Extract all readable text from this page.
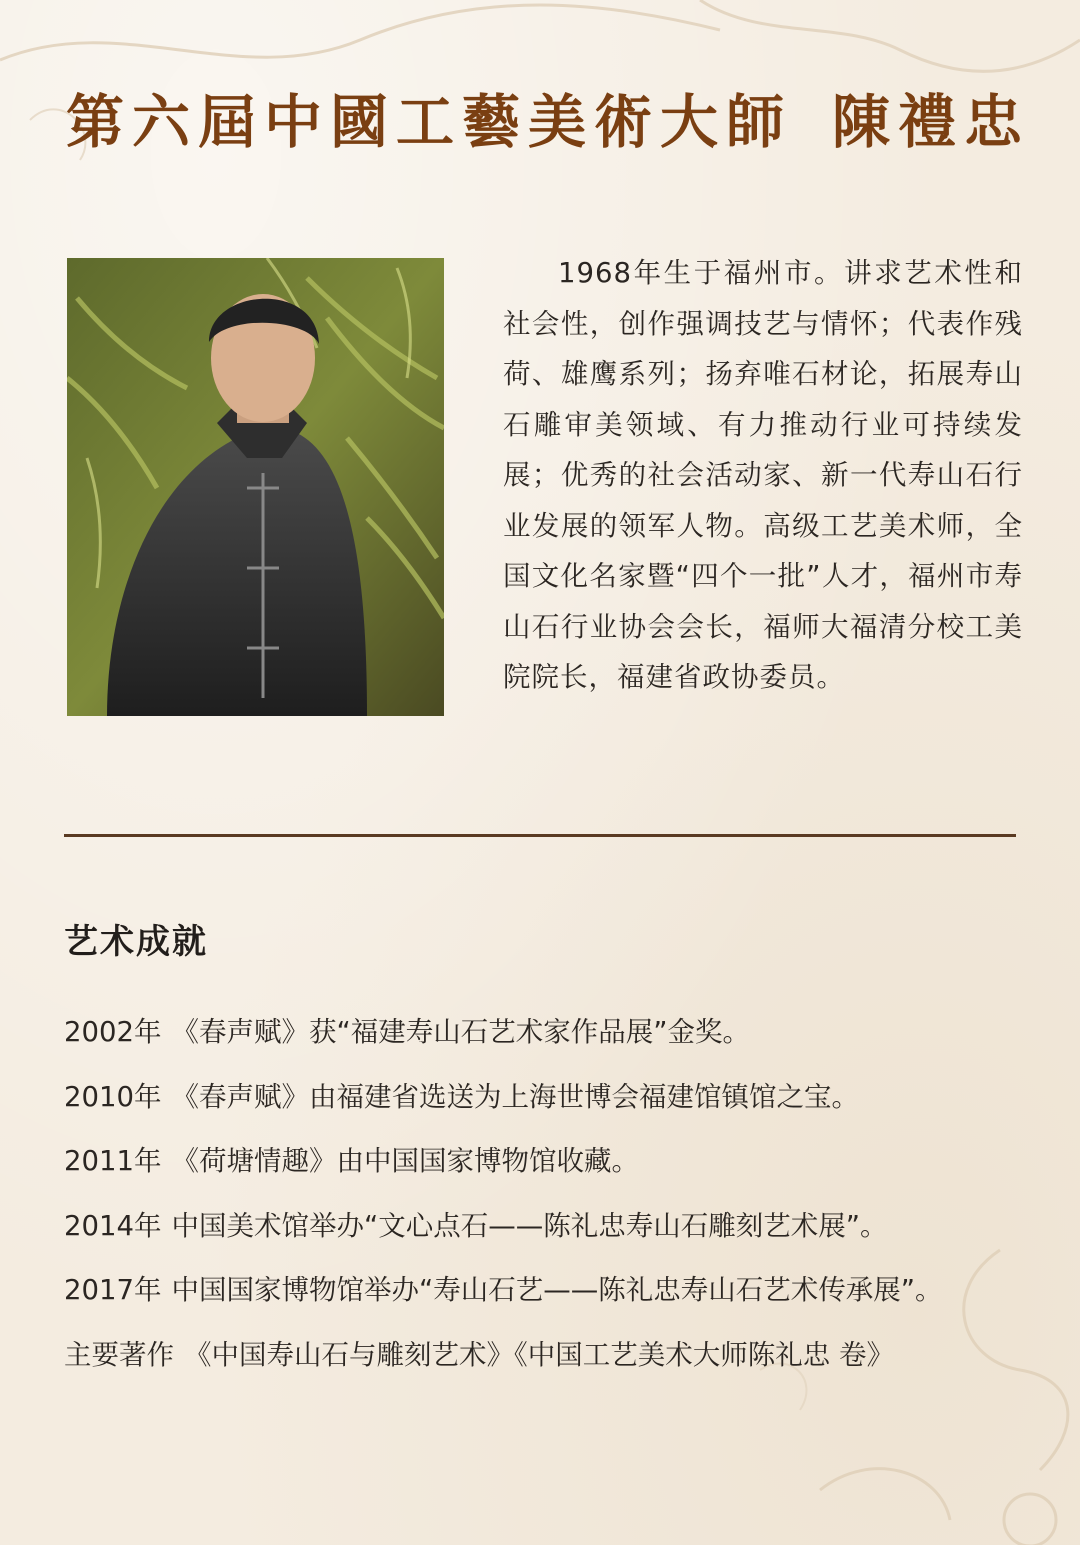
第六屆中國工藝美術大師 陳禮忠
1968年生于福州市。讲求艺术性和社会性，创作强调技艺与情怀；代表作残荷、雄鹰系列；扬弃唯石材论，拓展寿山石雕审美领域、有力推动行业可持续发展；优秀的社会活动家、新一代寿山石行业发展的领军人物。高级工艺美术师，全国文化名家暨“四个一批”人才，福州市寿山石行业协会会长，福师大福清分校工美院院长，福建省政协委员。
艺术成就

2002年 《春声赋》获“福建寿山石艺术家作品展”金奖。

2010年 《春声赋》由福建省选送为上海世博会福建馆镇馆之宝。

2011年 《荷塘情趣》由中国国家博物馆收藏。

2014年 中国美术馆举办“文心点石——陈礼忠寿山石雕刻艺术展”。

2017年 中国国家博物馆举办“寿山石艺——陈礼忠寿山石艺术传承展”。

主要著作 《中国寿山石与雕刻艺术》《中国工艺美术大师陈礼忠 卷》
